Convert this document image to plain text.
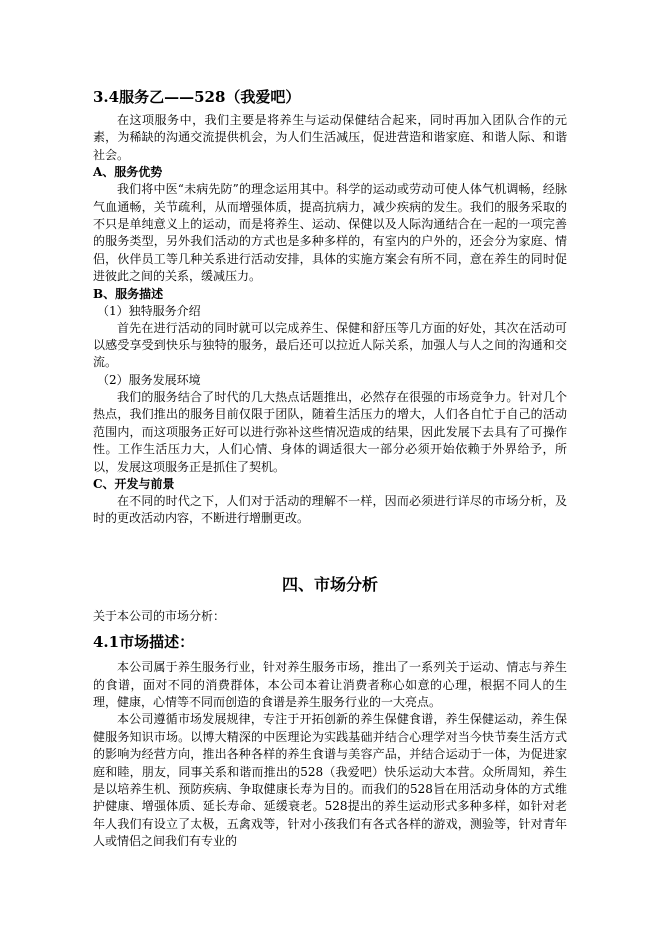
3.4服务乙——528（我爱吧）

在这项服务中，我们主要是将养生与运动保健结合起来，同时再加入团队合作的元素，为稀缺的沟通交流提供机会，为人们生活减压，促进营造和谐家庭、和谐人际、和谐社会。

A、服务优势

我们将中医“未病先防”的理念运用其中。科学的运动或劳动可使人体气机调畅，经脉气血通畅，关节疏利，从而增强体质，提高抗病力，减少疾病的发生。我们的服务采取的不只是单纯意义上的运动，而是将养生、运动、保健以及人际沟通结合在一起的一项完善的服务类型，另外我们活动的方式也是多种多样的，有室内的户外的，还会分为家庭、情侣，伙伴员工等几种关系进行活动安排，具体的实施方案会有所不同，意在养生的同时促进彼此之间的关系，缓减压力。

B、服务描述

（1）独特服务介绍

首先在进行活动的同时就可以完成养生、保健和舒压等几方面的好处，其次在活动可以感受享受到快乐与独特的服务，最后还可以拉近人际关系，加强人与人之间的沟通和交流。

（2）服务发展环境

我们的服务结合了时代的几大热点话题推出，必然存在很强的市场竞争力。针对几个热点，我们推出的服务目前仅限于团队，随着生活压力的增大，人们各自忙于自己的活动范围内，而这项服务正好可以进行弥补这些情况造成的结果，因此发展下去具有了可操作性。工作生活压力大，人们心情、身体的调适很大一部分必须开始依赖于外界给予，所以，发展这项服务正是抓住了契机。

C、开发与前景

在不同的时代之下，人们对于活动的理解不一样，因而必须进行详尽的市场分析，及时的更改活动内容，不断进行增删更改。

四、市场分析

关于本公司的市场分析：

4.1市场描述：

本公司属于养生服务行业，针对养生服务市场，推出了一系列关于运动、情志与养生的食谱，面对不同的消费群体，本公司本着让消费者称心如意的心理，根据不同人的生理，健康，心情等不同而创造的食谱是养生服务行业的一大亮点。

本公司遵循市场发展规律，专注于开拓创新的养生保健食谱，养生保健运动，养生保健服务知识市场。以博大精深的中医理论为实践基础并结合心理学对当今快节奏生活方式的影响为经营方向，推出各种各样的养生食谱与美容产品，并结合运动于一体，为促进家庭和睦，朋友，同事关系和谐而推出的528（我爱吧）快乐运动大本营。众所周知，养生是以培养生机、预防疾病、争取健康长寿为目的。而我们的528旨在用活动身体的方式维护健康、增强体质、延长寿命、延缓衰老。528提出的养生运动形式多种多样，如针对老年人我们有设立了太极，五禽戏等，针对小孩我们有各式各样的游戏，测验等，针对青年人或情侣之间我们有专业的
